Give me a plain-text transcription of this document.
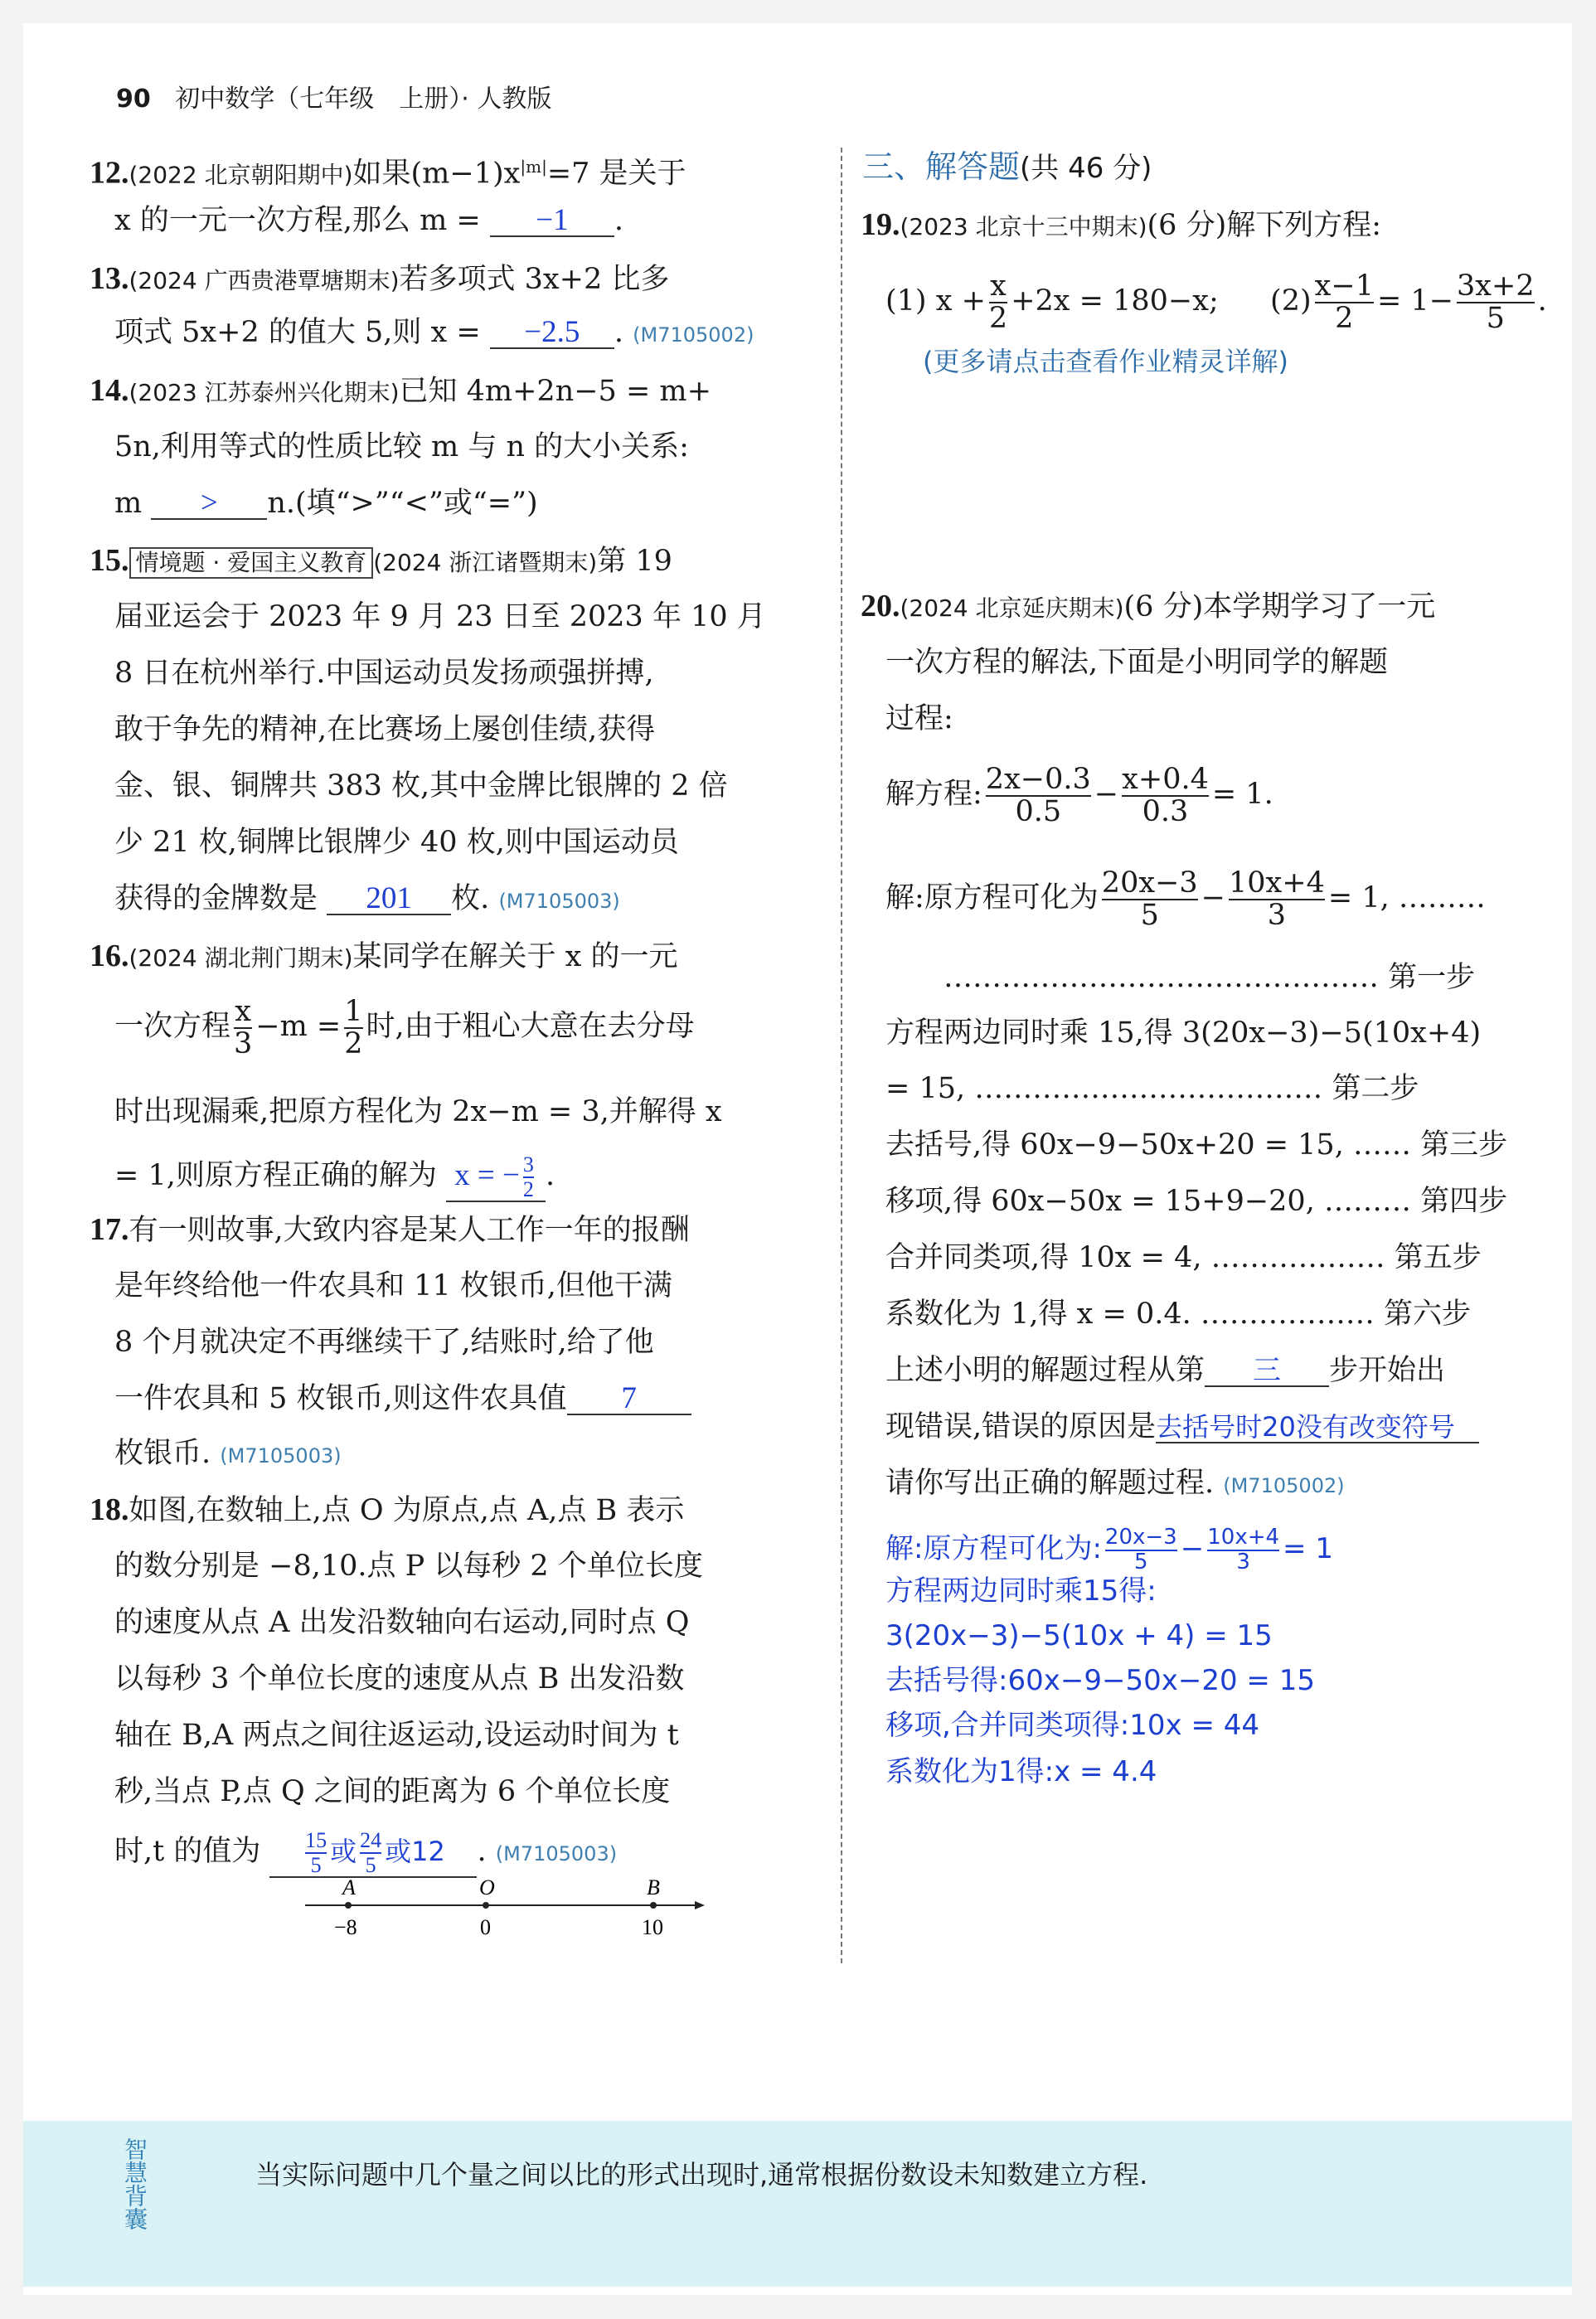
90 初中数学（七年级　上册）· 人教版
12.(2022 北京朝阳期中)如果$(m-1)x^{|m|}=7$ 是关于
x 的一元一次方程,那么 m = −1 .
13.(2024 广西贵港覃塘期末)若多项式 3x+2 比多
项式 5x+2 的值大 5,则 x = −2.5 . (M7105002)
14.(2023 江苏泰州兴化期末)已知 4m+2n−5 = m+
5n,利用等式的性质比较 m 与 n 的大小关系:
m > n.(填“>”“<”或“=”)
15. 情境题 · 爱国主义教育 (2024 浙江诸暨期末)第 19
届亚运会于 2023 年 9 月 23 日至 2023 年 10 月
8 日在杭州举行.中国运动员发扬顽强拼搏,
敢于争先的精神,在比赛场上屡创佳绩,获得
金、银、铜牌共 383 枚,其中金牌比银牌的 2 倍
少 21 枚,铜牌比银牌少 40 枚,则中国运动员
获得的金牌数是 201 枚. (M7105003)
16.(2024 湖北荆门期末)某同学在解关于 x 的一元
一次方程 $\frac{x}{3} -m = \frac{1}{2}$ 时,由于粗心大意在去分母
时出现漏乘,把原方程化为 2x−m = 3,并解得 x
= 1,则原方程正确的解为 x = − $\frac{3}{2}$ .
17.有一则故事,大致内容是某人工作一年的报酬
是年终给他一件农具和 11 枚银币,但他干满
8 个月就决定不再继续干了,结账时,给了他
一件农具和 5 枚银币,则这件农具值 7
枚银币. (M7105003)
18.如图,在数轴上,点 O 为原点,点 A,点 B 表示
的数分别是 −8,10.点 P 以每秒 2 个单位长度
的速度从点 A 出发沿数轴向右运动,同时点 Q
以每秒 3 个单位长度的速度从点 B 出发沿数
轴在 B,A 两点之间往返运动,设运动时间为 t
秒,当点 P,点 Q 之间的距离为 6 个单位长度
时,t 的值为 $\frac{15}{5}$ 或 $\frac{24}{5}$ 或12 . (M7105003)
A	O	B
−8	0	10
三、解答题(共 46 分)
19.(2023 北京十三中期末)(6 分)解下列方程:
(1) $x + \frac{x}{2} +2x = 180-x$; $(2) \frac{x-1}{2} = 1- \frac{3x+2}{5}$ .
(更多请点击查看作业精灵详解)
20.(2024 北京延庆期末)(6 分)本学期学习了一元
一次方程的解法,下面是小明同学的解题
过程:
解方程: $\frac{2x-0.3}{0.5} - \frac{x+0.4}{0.3} = 1$.
解:原方程可化为 $\frac{20x-3}{5} - \frac{10x+4}{3} = 1$, ………
……………………………………… 第一步
方程两边同时乘 15,得 3(20x−3)−5(10x+4)
= 15, ……………………………… 第二步
去括号,得 60x−9−50x+20 = 15, …… 第三步
移项,得 60x−50x = 15+9−20, ……… 第四步
合并同类项,得 10x = 4, ……………… 第五步
系数化为 1,得 x = 0.4. ……………… 第六步
上述小明的解题过程从第 三 步开始出
现错误,错误的原因是去括号时20没有改变符号
请你写出正确的解题过程. (M7105002)
解:原方程可化为: $\frac{20x-3}{5} - \frac{10x+4}{3} = 1$
方程两边同时乘15得:
3(20x−3)−5(10x + 4) = 15
去括号得:60x−9−50x−20 = 15
移项,合并同类项得:10x = 44
系数化为1得:x = 4.4
智慧背囊	当实际问题中几个量之间以比的形式出现时,通常根据份数设未知数建立方程.
